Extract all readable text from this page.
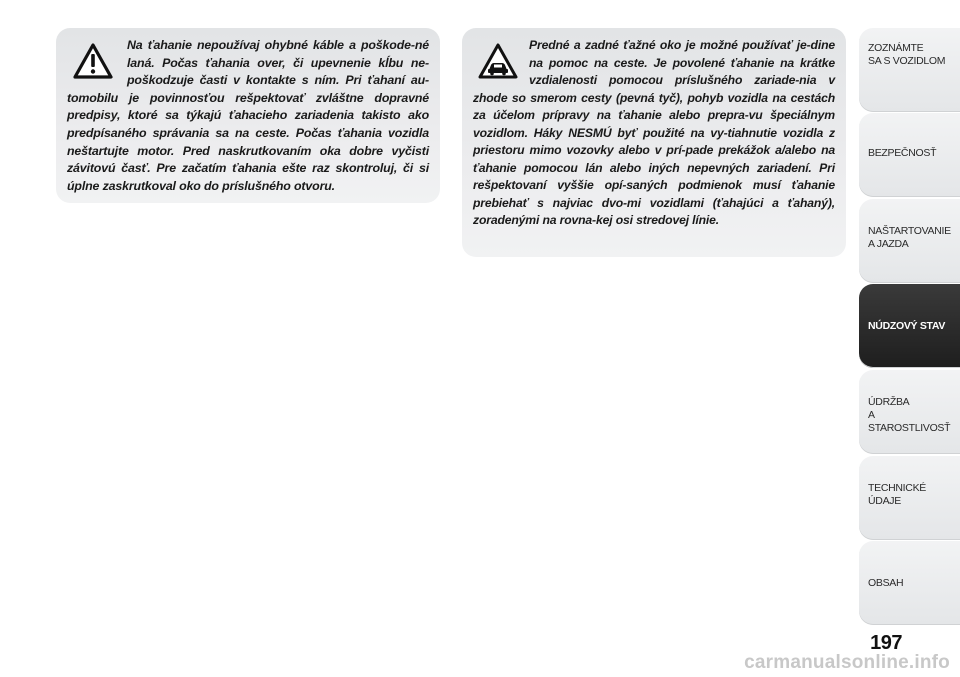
Na ťahanie nepoužívaj ohybné káble a poškode-né laná. Počas ťahania over, či upevnenie kĺbu ne-poškodzuje časti v kontakte s ním. Pri ťahaní au-tomobilu je povinnosťou rešpektovať zvláštne dopravné predpisy, ktoré sa týkajú ťahacieho zariadenia takisto ako predpísaného správania sa na ceste. Počas ťahania vozidla neštartujte motor. Pred naskrutkovaním oka dobre vyčisti závitovú časť. Pre začatím ťahania ešte raz skontroluj, či si úplne zaskrutkoval oko do príslušného otvoru.

Predné a zadné ťažné oko je možné používať je-dine na pomoc na ceste. Je povolené ťahanie na krátke vzdialenosti pomocou príslušného zariade-nia v zhode so smerom cesty (pevná tyč), pohyb vozidla na cestách za účelom prípravy na ťahanie alebo prepra-vu špeciálnym vozidlom. Háky NESMÚ byť použité na vy-tiahnutie vozidla z priestoru mimo vozovky alebo v prí-pade prekážok a/alebo na ťahanie pomocou lán alebo iných nepevných zariadení. Pri rešpektovaní vyššie opí-saných podmienok musí ťahanie prebiehať s najviac dvo-mi vozidlami (ťahajúci a ťahaný), zoradenými na rovna-kej osi stredovej línie.

ZOZNÁMTE
SA S VOZIDLOM
BEZPEČNOSŤ
NAŠTARTOVANIE
A JAZDA
NÚDZOVÝ STAV
ÚDRŽBA
A STAROSTLIVOSŤ
TECHNICKÉ
ÚDAJE
OBSAH
197
carmanualsonline.info
